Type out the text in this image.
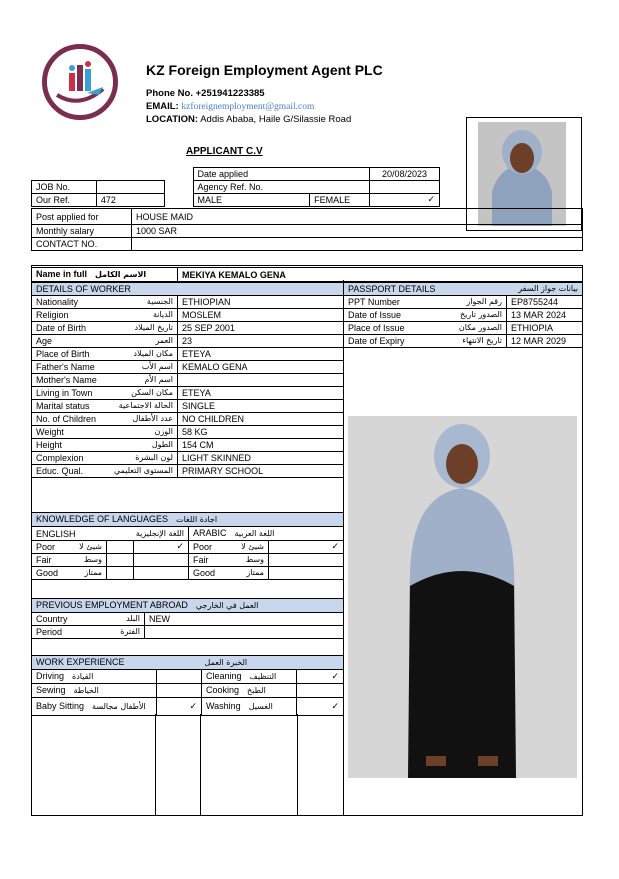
KZ Foreign Employment Agent PLC
Phone No. +251941223385
EMAIL: kzforeignemployment@gmail.com
LOCATION: Addis Ababa, Haile G/Silassie Road
APPLICANT C.V
			Date applied		20/08/2023
JOB No.			Agency Ref. No.		
Our Ref.	472		MALE	FEMALE	✓
Post applied for	HOUSE MAID
Monthly salary	1000 SAR
CONTACT NO.	
Name in full الاسم الكامل	MEKIYA KEMALO GENA
DETAILS OF WORKER	
Nationality الجنسية	ETHIOPIAN
Religion الديانة	MOSLEM
Date of Birth تاريخ الميلاد	25 SEP 2001
Age العمر	23
Place of Birth مكان الميلاد	ETEYA
Father's Name اسم الأب	KEMALO GENA
Mother's Name اسم الأم	

Living in Town مكان السكن	ETEYA
Marital status الحالة الاجتماعية	SINGLE
No. of Children عدد الأطفال	NO CHILDREN
Weight الوزن	58 KG
Height الطول	154 CM
Complexion لون البشرة	LIGHT SKINNED
Educ. Qual. المستوى التعليمي	PRIMARY SCHOOL
PASSPORT DETAILS بيانات جواز السفر	

PPT Number رقم الجواز	EP8755244
Date of Issue الصدور تاريخ	13 MAR 2024
Place of Issue الصدور مكان	ETHIOPIA
Date of Expiry تاريخ الانتهاء	12 MAR 2029
KNOWLEDGE OF LANGUAGES اجادة اللغات				
ENGLISH اللغة الإنجليزية			ARABIC اللغة العربية	
Poor شيئ لا		✓	Poor شيئ لا	✓
Fair وسط			Fair وسط	

Good ممتاز			Good ممتاز	

PREVIOUS EMPLOYMENT ABROAD العمل في الخارجي	
Country البلد	NEW
Period الفترة	

WORK EXPERIENCE الخبرة العمل			
Driving القيادة		Cleaning التنظيف	✓
Sewing الخياطة		Cooking الطبخ	
Baby Sitting الأطفال مجالسة	✓	Washing الغسيل	✓
